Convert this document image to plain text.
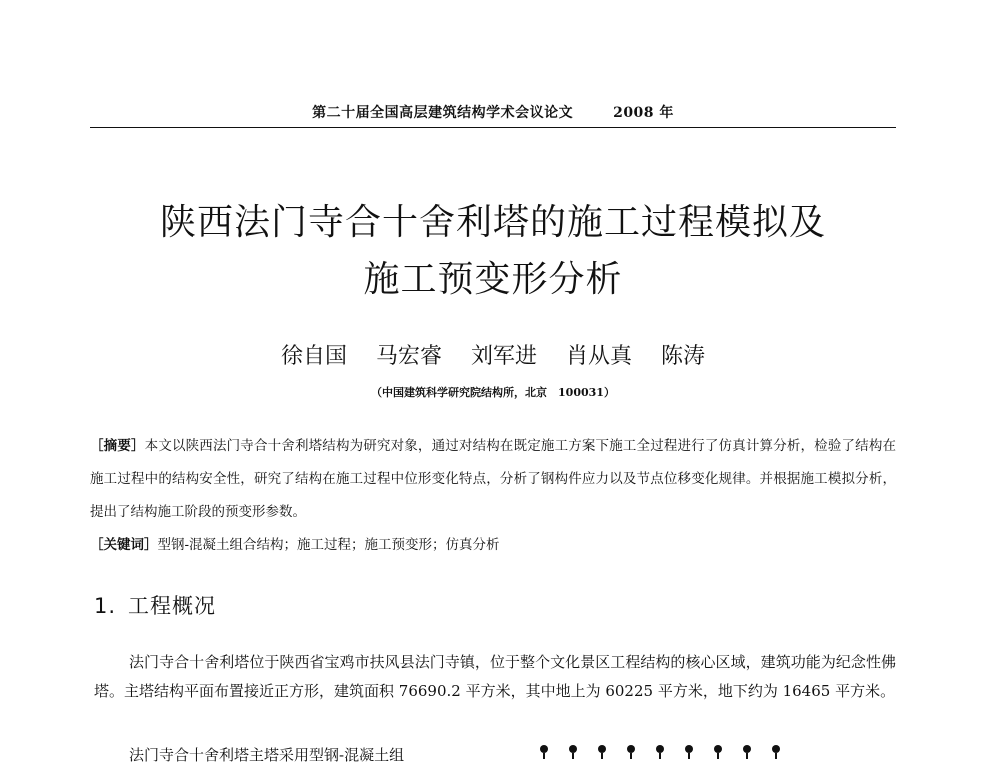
第二十届全国高层建筑结构学术会议论文	2008 年
陕西法门寺合十舍利塔的施工过程模拟及
施工预变形分析
徐自国 马宏睿 刘军进 肖从真 陈涛
（中国建筑科学研究院结构所，北京　100031）
［摘要］本文以陕西法门寺合十舍利塔结构为研究对象，通过对结构在既定施工方案下施工全过程进行了仿真计算分析，检验了结构在施工过程中的结构安全性，研究了结构在施工过程中位形变化特点，分析了钢构件应力以及节点位移变化规律。并根据施工模拟分析，提出了结构施工阶段的预变形参数。
［关键词］型钢-混凝土组合结构；施工过程；施工预变形；仿真分析
1. 工程概况
法门寺合十舍利塔位于陕西省宝鸡市扶风县法门寺镇，位于整个文化景区工程结构的核心区域，建筑功能为纪念性佛塔。主塔结构平面布置接近正方形，建筑面积 76690.2 平方米，其中地上为 60225 平方米，地下约为 16465 平方米。
法门寺合十舍利塔主塔采用型钢-混凝土组
